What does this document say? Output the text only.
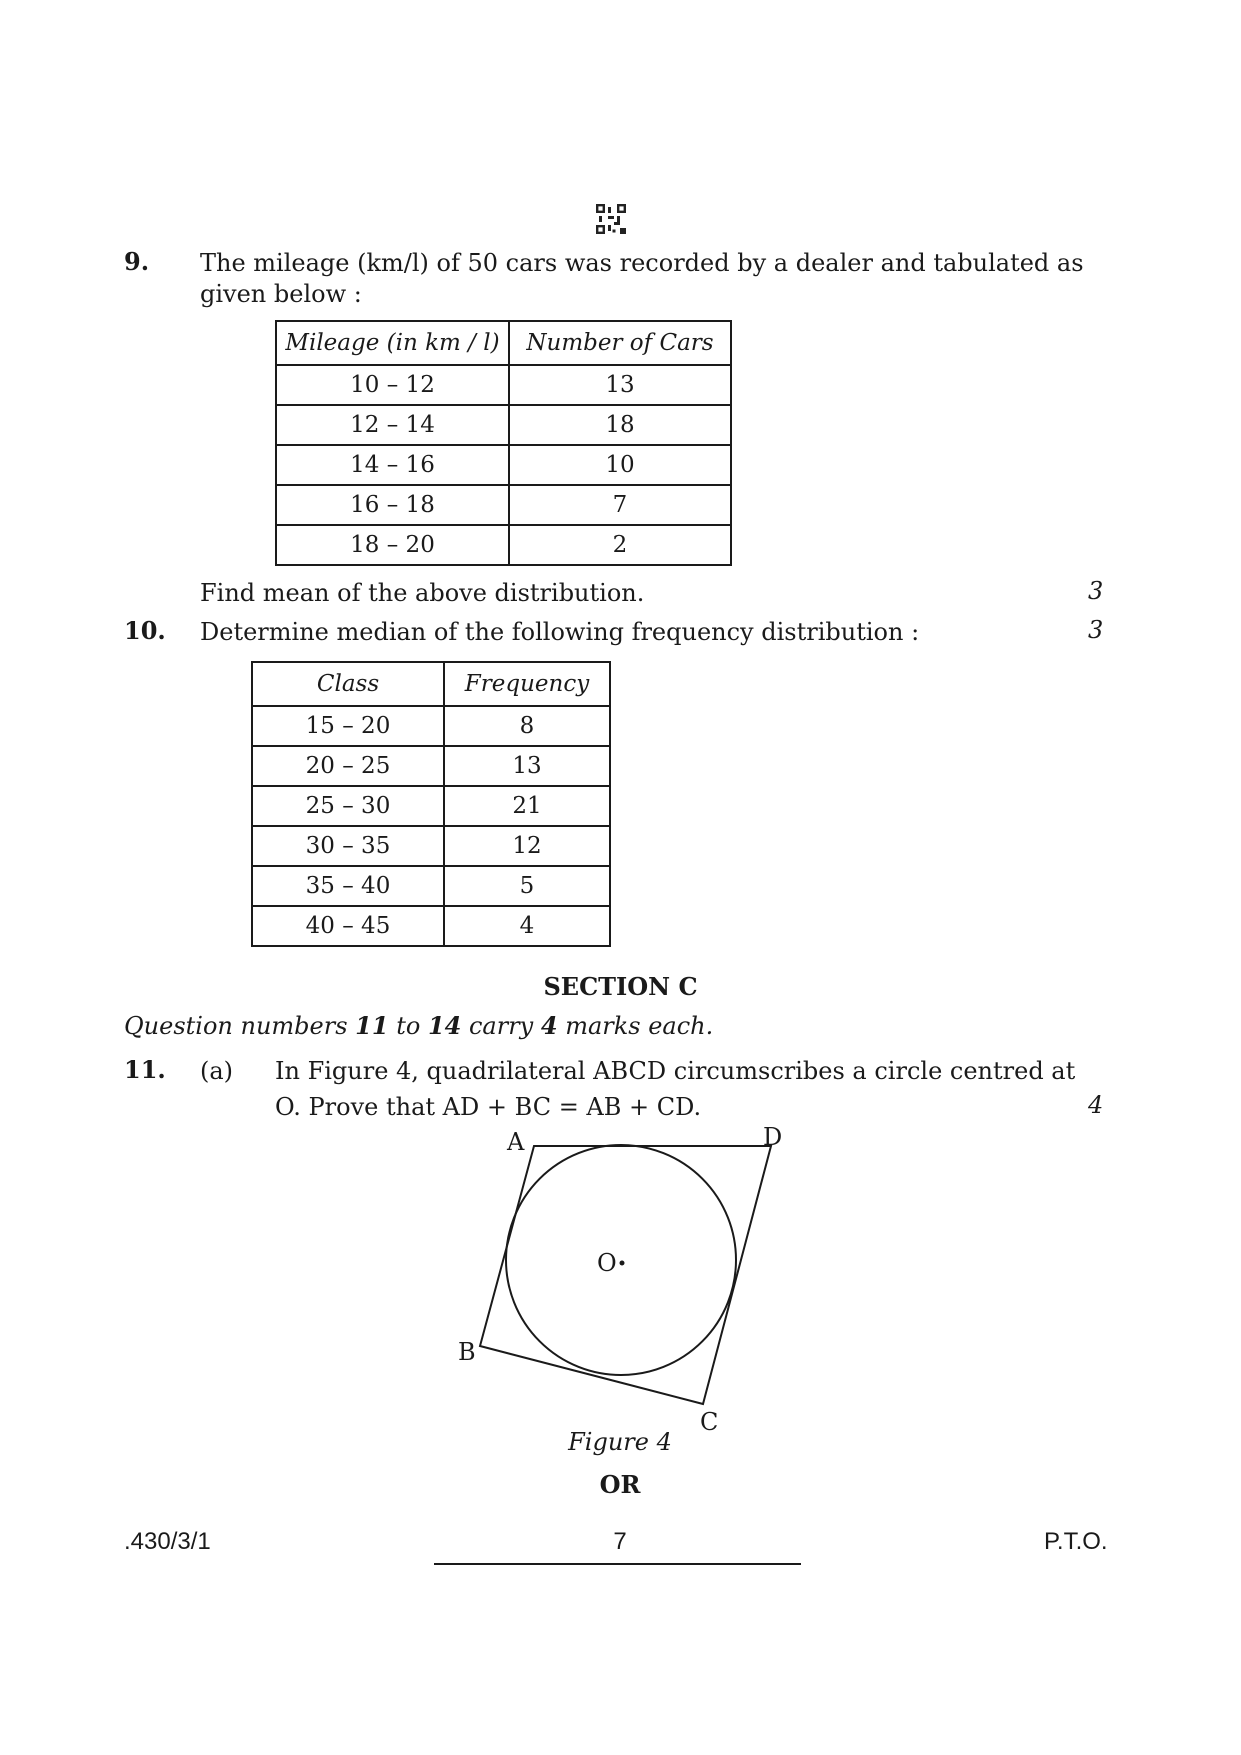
9. The mileage (km/l) of 50 cars was recorded by a dealer and tabulated as
given below :
Mileage (in km / l)	Number of Cars
10 – 12	13
12 – 14	18
14 – 16	10
16 – 18	7
18 – 20	2
Find mean of the above distribution.	3
10. Determine median of the following frequency distribution :	3
Class	Frequency
15 – 20	8
20 – 25	13
25 – 30	21
30 – 35	12
35 – 40	5
40 – 45	4
SECTION C
Question numbers 11 to 14 carry 4 marks each.
11. (a) In Figure 4, quadrilateral ABCD circumscribes a circle centred at
O. Prove that AD + BC = AB + CD.	4
A	D
B
C
O
Figure 4
OR
.430/3/1	7	P.T.O.
